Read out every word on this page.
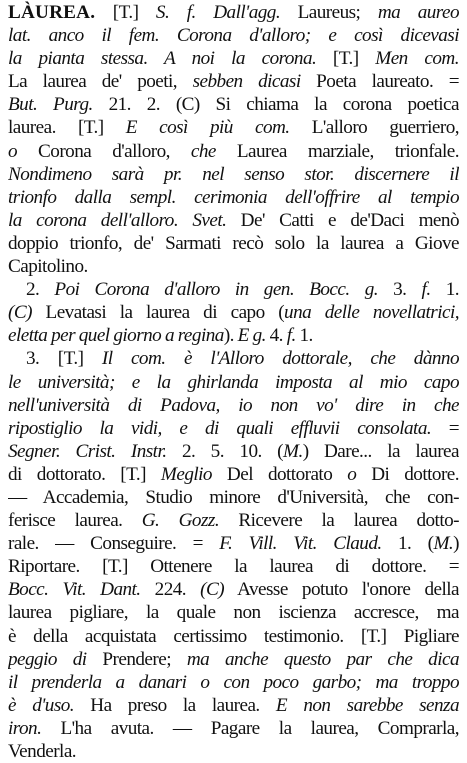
LÀUREA. [T.] S. f. Dall'agg. Laureus; ma aureo
lat. anco il fem. Corona d'alloro; e così dicevasi
la pianta stessa. A noi la corona. [T.] Men com.
La laurea de' poeti, sebben dicasi Poeta laureato. =
But. Purg. 21. 2. (C) Si chiama la corona poetica
laurea. [T.] E così più com. L'alloro guerriero,
o Corona d'alloro, che Laurea marziale, trionfale.
Nondimeno sarà pr. nel senso stor. discernere il
trionfo dalla sempl. cerimonia dell'offrire al tempio
la corona dell'alloro. Svet. De' Catti e de'Daci menò
doppio trionfo, de' Sarmati recò solo la laurea a Giove
Capitolino.
2. Poi Corona d'alloro in gen. Bocc. g. 3. f. 1.
(C) Levatasi la laurea di capo (una delle novellatrici,
eletta per quel giorno a regina). E g. 4. f. 1.
3. [T.] Il com. è l'Alloro dottorale, che dànno
le università; e la ghirlanda imposta al mio capo
nell'università di Padova, io non vo' dire in che
ripostiglio la vidi, e di quali effluvii consolata. =
Segner. Crist. Instr. 2. 5. 10. (M.) Dare... la laurea
di dottorato. [T.] Meglio Del dottorato o Di dottore.
— Accademia, Studio minore d'Università, che con-
ferisce laurea. G. Gozz. Ricevere la laurea dotto-
rale. — Conseguire. = F. Vill. Vit. Claud. 1. (M.)
Riportare. [T.] Ottenere la laurea di dottore. =
Bocc. Vit. Dant. 224. (C) Avesse potuto l'onore della
laurea pigliare, la quale non iscienza accresce, ma
è della acquistata certissimo testimonio. [T.] Pigliare
peggio di Prendere; ma anche questo par che dica
il prenderla a danari o con poco garbo; ma troppo
è d'uso. Ha preso la laurea. E non sarebbe senza
iron. L'ha avuta. — Pagare la laurea, Comprarla,
Venderla.
